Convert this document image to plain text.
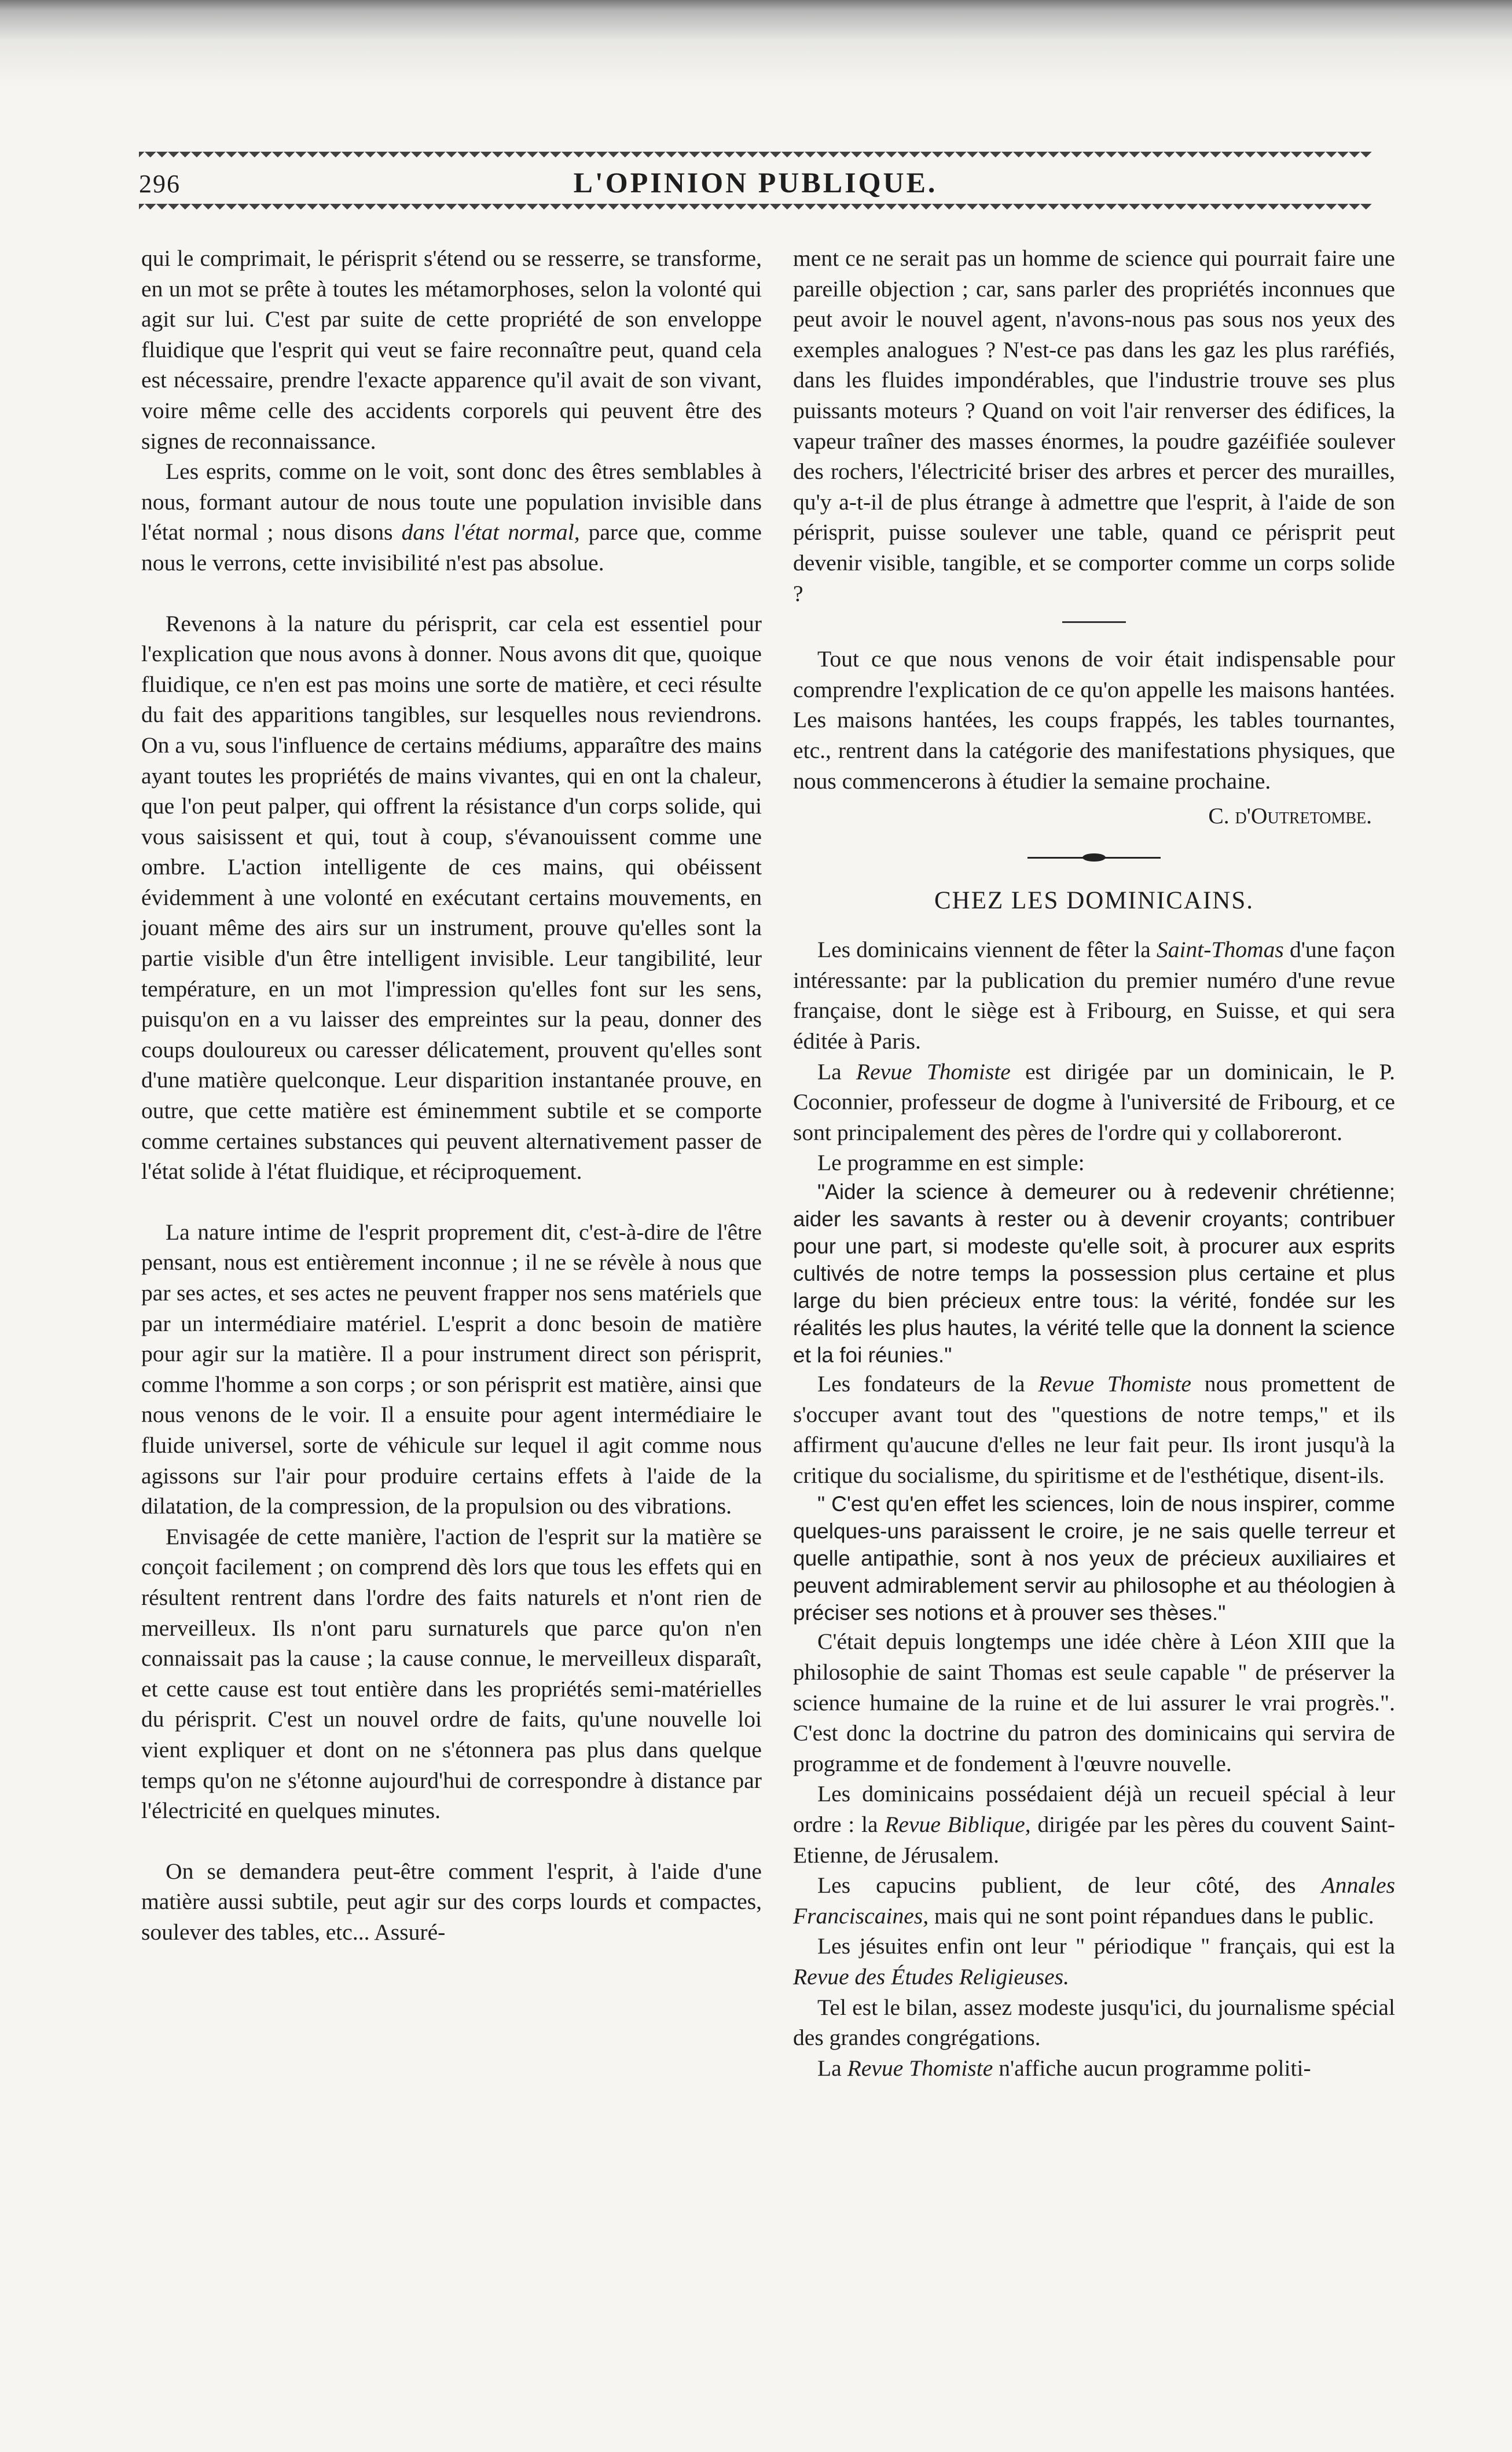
296	L'OPINION PUBLIQUE.

qui le comprimait, le périsprit s'étend ou se resserre, se transforme, en un mot se prête à toutes les métamorphoses, selon la volonté qui agit sur lui. C'est par suite de cette propriété de son enveloppe fluidique que l'esprit qui veut se faire reconnaître peut, quand cela est nécessaire, prendre l'exacte apparence qu'il avait de son vivant, voire même celle des accidents corporels qui peuvent être des signes de reconnaissance.

Les esprits, comme on le voit, sont donc des êtres semblables à nous, formant autour de nous toute une population invisible dans l'état normal ; nous disons dans l'état normal, parce que, comme nous le verrons, cette invisibilité n'est pas absolue.

Revenons à la nature du périsprit, car cela est essentiel pour l'explication que nous avons à donner. Nous avons dit que, quoique fluidique, ce n'en est pas moins une sorte de matière, et ceci résulte du fait des apparitions tangibles, sur lesquelles nous reviendrons. On a vu, sous l'influence de certains médiums, apparaître des mains ayant toutes les propriétés de mains vivantes, qui en ont la chaleur, que l'on peut palper, qui offrent la résistance d'un corps solide, qui vous saisissent et qui, tout à coup, s'évanouissent comme une ombre. L'action intelligente de ces mains, qui obéissent évidemment à une volonté en exécutant certains mouvements, en jouant même des airs sur un instrument, prouve qu'elles sont la partie visible d'un être intelligent invisible. Leur tangibilité, leur température, en un mot l'impression qu'elles font sur les sens, puisqu'on en a vu laisser des empreintes sur la peau, donner des coups douloureux ou caresser délicatement, prouvent qu'elles sont d'une matière quelconque. Leur disparition instantanée prouve, en outre, que cette matière est éminemment subtile et se comporte comme certaines substances qui peuvent alternativement passer de l'état solide à l'état fluidique, et réciproquement.

La nature intime de l'esprit proprement dit, c'est-à-dire de l'être pensant, nous est entièrement inconnue ; il ne se révèle à nous que par ses actes, et ses actes ne peuvent frapper nos sens matériels que par un intermédiaire matériel. L'esprit a donc besoin de matière pour agir sur la matière. Il a pour instrument direct son périsprit, comme l'homme a son corps ; or son périsprit est matière, ainsi que nous venons de le voir. Il a ensuite pour agent intermédiaire le fluide universel, sorte de véhicule sur lequel il agit comme nous agissons sur l'air pour produire certains effets à l'aide de la dilatation, de la compression, de la propulsion ou des vibrations.

Envisagée de cette manière, l'action de l'esprit sur la matière se conçoit facilement ; on comprend dès lors que tous les effets qui en résultent rentrent dans l'ordre des faits naturels et n'ont rien de merveilleux. Ils n'ont paru surnaturels que parce qu'on n'en connaissait pas la cause ; la cause connue, le merveilleux disparaît, et cette cause est tout entière dans les propriétés semi-matérielles du périsprit. C'est un nouvel ordre de faits, qu'une nouvelle loi vient expliquer et dont on ne s'étonnera pas plus dans quelque temps qu'on ne s'étonne aujourd'hui de correspondre à distance par l'électricité en quelques minutes.

On se demandera peut-être comment l'esprit, à l'aide d'une matière aussi subtile, peut agir sur des corps lourds et compactes, soulever des tables, etc... Assuré-

ment ce ne serait pas un homme de science qui pourrait faire une pareille objection ; car, sans parler des propriétés inconnues que peut avoir le nouvel agent, n'avons-nous pas sous nos yeux des exemples analogues ? N'est-ce pas dans les gaz les plus raréfiés, dans les fluides impondérables, que l'industrie trouve ses plus puissants moteurs ? Quand on voit l'air renverser des édifices, la vapeur traîner des masses énormes, la poudre gazéifiée soulever des rochers, l'électricité briser des arbres et percer des murailles, qu'y a-t-il de plus étrange à admettre que l'esprit, à l'aide de son périsprit, puisse soulever une table, quand ce périsprit peut devenir visible, tangible, et se comporter comme un corps solide ?

Tout ce que nous venons de voir était indispensable pour comprendre l'explication de ce qu'on appelle les maisons hantées. Les maisons hantées, les coups frappés, les tables tournantes, etc., rentrent dans la catégorie des manifestations physiques, que nous commencerons à étudier la semaine prochaine.

C. d'Outretombe.
CHEZ LES DOMINICAINS.

Les dominicains viennent de fêter la Saint-Thomas d'une façon intéressante: par la publication du premier numéro d'une revue française, dont le siège est à Fribourg, en Suisse, et qui sera éditée à Paris.

La Revue Thomiste est dirigée par un dominicain, le P. Coconnier, professeur de dogme à l'université de Fribourg, et ce sont principalement des pères de l'ordre qui y collaboreront.

Le programme en est simple:

"Aider la science à demeurer ou à redevenir chrétienne; aider les savants à rester ou à devenir croyants; contribuer pour une part, si modeste qu'elle soit, à procurer aux esprits cultivés de notre temps la possession plus certaine et plus large du bien précieux entre tous: la vérité, fondée sur les réalités les plus hautes, la vérité telle que la donnent la science et la foi réunies."

Les fondateurs de la Revue Thomiste nous promettent de s'occuper avant tout des "questions de notre temps," et ils affirment qu'aucune d'elles ne leur fait peur. Ils iront jusqu'à la critique du socialisme, du spiritisme et de l'esthétique, disent-ils.

" C'est qu'en effet les sciences, loin de nous inspirer, comme quelques-uns paraissent le croire, je ne sais quelle terreur et quelle antipathie, sont à nos yeux de précieux auxiliaires et peuvent admirablement servir au philosophe et au théologien à préciser ses notions et à prouver ses thèses."

C'était depuis longtemps une idée chère à Léon XIII que la philosophie de saint Thomas est seule capable " de préserver la science humaine de la ruine et de lui assurer le vrai progrès.". C'est donc la doctrine du patron des dominicains qui servira de programme et de fondement à l'œuvre nouvelle.

Les dominicains possédaient déjà un recueil spécial à leur ordre : la Revue Biblique, dirigée par les pères du couvent Saint-Etienne, de Jérusalem.

Les capucins publient, de leur côté, des Annales Franciscaines, mais qui ne sont point répandues dans le public.

Les jésuites enfin ont leur " périodique " français, qui est la Revue des Études Religieuses.

Tel est le bilan, assez modeste jusqu'ici, du journalisme spécial des grandes congrégations.

La Revue Thomiste n'affiche aucun programme politi-
